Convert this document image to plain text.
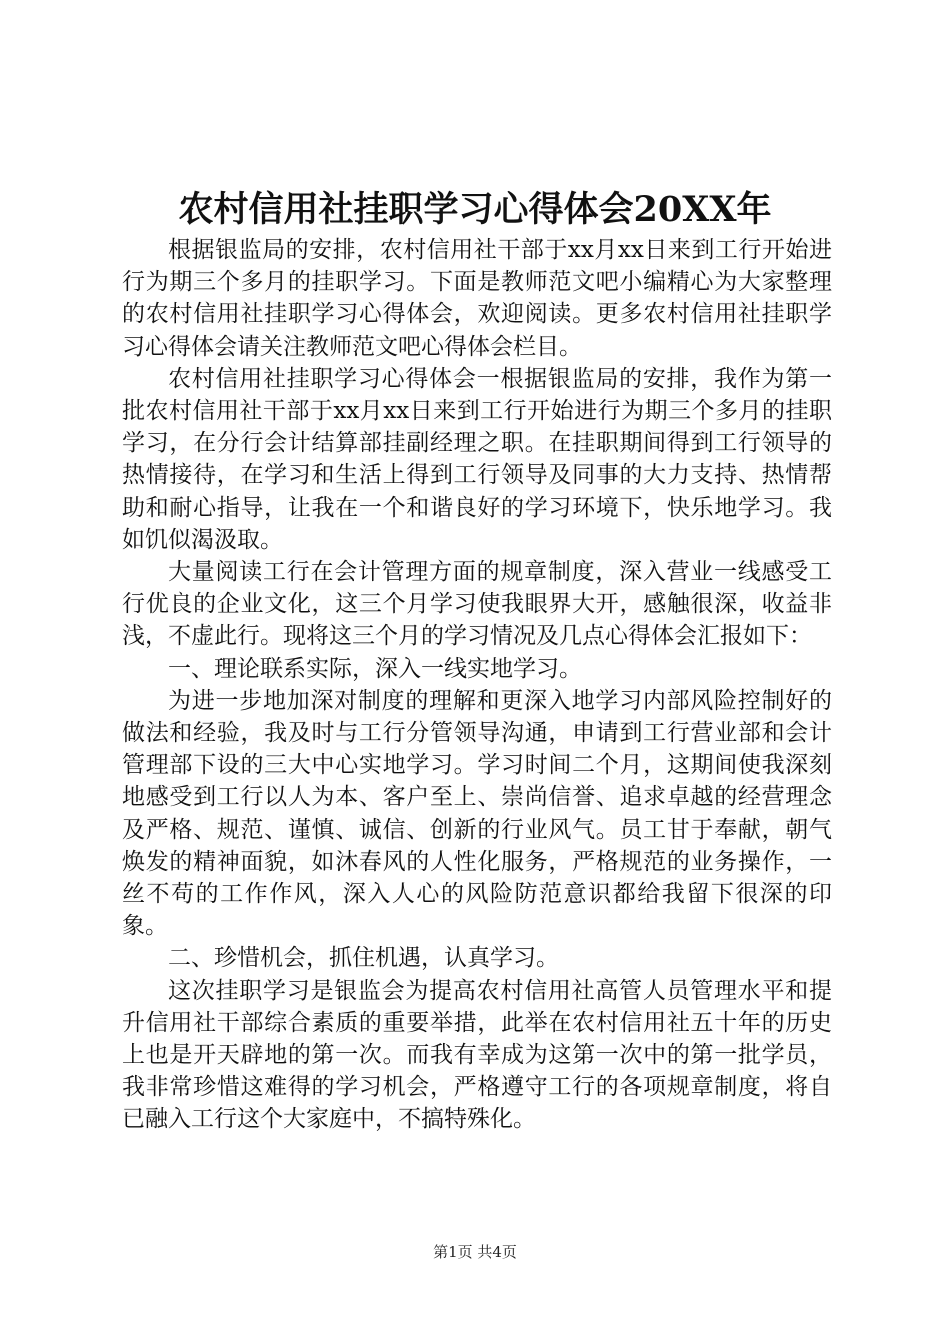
农村信用社挂职学习心得体会20XX年

根据银监局的安排，农村信用社干部于xx月xx日来到工行开始进行为期三个多月的挂职学习。下面是教师范文吧小编精心为大家整理的农村信用社挂职学习心得体会，欢迎阅读。更多农村信用社挂职学习心得体会请关注教师范文吧心得体会栏目。

农村信用社挂职学习心得体会一根据银监局的安排，我作为第一批农村信用社干部于xx月xx日来到工行开始进行为期三个多月的挂职学习，在分行会计结算部挂副经理之职。在挂职期间得到工行领导的热情接待，在学习和生活上得到工行领导及同事的大力支持、热情帮助和耐心指导，让我在一个和谐良好的学习环境下，快乐地学习。我如饥似渴汲取。

大量阅读工行在会计管理方面的规章制度，深入营业一线感受工行优良的企业文化，这三个月学习使我眼界大开，感触很深，收益非浅，不虚此行。现将这三个月的学习情况及几点心得体会汇报如下：

一、理论联系实际，深入一线实地学习。

为进一步地加深对制度的理解和更深入地学习内部风险控制好的做法和经验，我及时与工行分管领导沟通，申请到工行营业部和会计管理部下设的三大中心实地学习。学习时间二个月，这期间使我深刻地感受到工行以人为本、客户至上、崇尚信誉、追求卓越的经营理念及严格、规范、谨慎、诚信、创新的行业风气。员工甘于奉献，朝气焕发的精神面貌，如沐春风的人性化服务，严格规范的业务操作，一丝不苟的工作作风，深入人心的风险防范意识都给我留下很深的印象。

二、珍惜机会，抓住机遇，认真学习。

这次挂职学习是银监会为提高农村信用社高管人员管理水平和提升信用社干部综合素质的重要举措，此举在农村信用社五十年的历史上也是开天辟地的第一次。而我有幸成为这第一次中的第一批学员，我非常珍惜这难得的学习机会，严格遵守工行的各项规章制度，将自已融入工行这个大家庭中，不搞特殊化。

第1页 共4页
